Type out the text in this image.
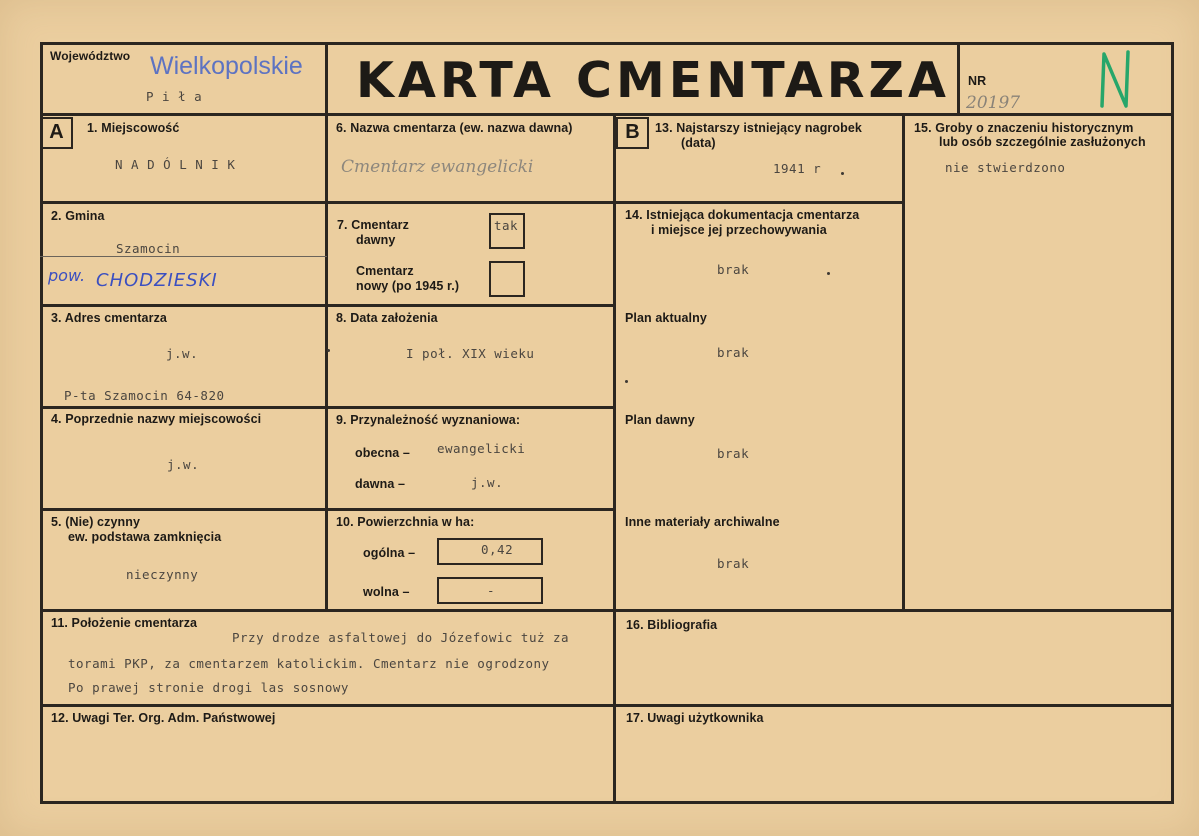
Województwo Wielkopolskie
P i ł a	KARTA CMENTARZA NR
20197
A	B
1. Miejscowość
N A D Ó L N I K
2. Gmina
Szamocin
pow. CHODZIESKI
3. Adres cmentarza
j.w.
P-ta Szamocin 64-820
4. Poprzednie nazwy miejscowości
j.w.
5. (Nie) czynny
ew. podstawa zamknięcia
nieczynny
6. Nazwa cmentarza (ew. nazwa dawna)
Cmentarz ewangelicki
7. Cmentarz
dawny
tak
Cmentarz
nowy (po 1945 r.)
8. Data założenia
I poł. XIX wieku
9. Przynależność wyznaniowa:
obecna – ewangelicki
dawna –	j.w.
10. Powierzchnia w ha:
ogólna –	0,42
wolna –	-
11. Położenie cmentarza
Przy drodze asfaltowej do Józefowic tuż za
torami PKP, za cmentarzem katolickim. Cmentarz nie ogrodzony
Po prawej stronie drogi las sosnowy
12. Uwagi Ter. Org. Adm. Państwowej
13. Najstarszy istniejący nagrobek
(data)
1941 r
14. Istniejąca dokumentacja cmentarza
i miejsce jej przechowywania
brak
Plan aktualny
brak
Plan dawny
brak
Inne materiały archiwalne
brak
15. Groby o znaczeniu historycznym
lub osób szczególnie zasłużonych
nie stwierdzono
16. Bibliografia
17. Uwagi użytkownika
